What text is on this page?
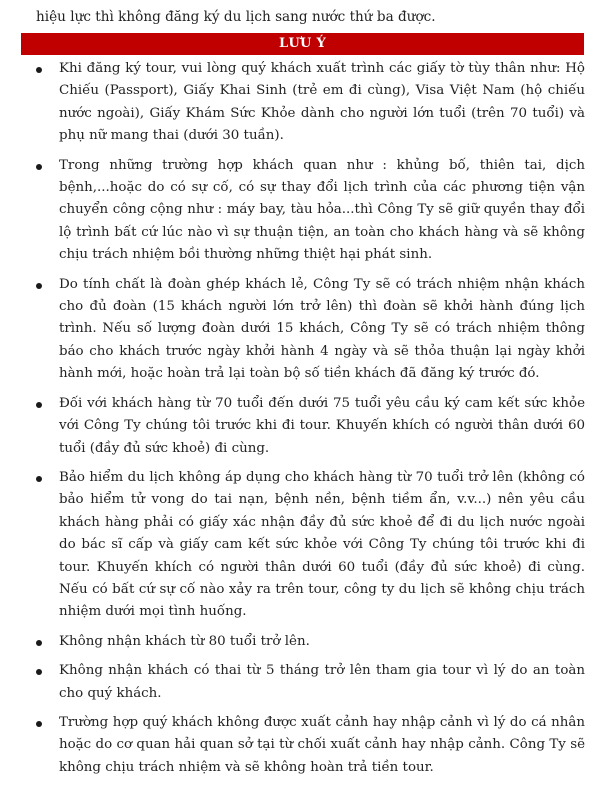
hiệu lực thì không đăng ký du lịch sang nước thứ ba được.
LƯU Ý
Khi đăng ký tour, vui lòng quý khách xuất trình các giấy tờ tùy thân như: Hộ Chiếu (Passport), Giấy Khai Sinh (trẻ em đi cùng), Visa Việt Nam (hộ chiếu nước ngoài), Giấy Khám Sức Khỏe dành cho người lớn tuổi (trên 70 tuổi) và phụ nữ mang thai (dưới 30 tuần).
Trong những trường hợp khách quan như : khủng bố, thiên tai, dịch bệnh,...hoặc do có sự cố, có sự thay đổi lịch trình của các phương tiện vận chuyển công cộng như : máy bay, tàu hỏa...thì Công Ty sẽ giữ quyền thay đổi lộ trình bất cứ lúc nào vì sự thuận tiện, an toàn cho khách hàng và sẽ không chịu trách nhiệm bồi thường những thiệt hại phát sinh.
Do tính chất là đoàn ghép khách lẻ, Công Ty sẽ có trách nhiệm nhận khách cho đủ đoàn (15 khách người lớn trở lên) thì đoàn sẽ khởi hành đúng lịch trình. Nếu số lượng đoàn dưới 15 khách, Công Ty sẽ có trách nhiệm thông báo cho khách trước ngày khởi hành 4 ngày và sẽ thỏa thuận lại ngày khởi hành mới, hoặc hoàn trả lại toàn bộ số tiền khách đã đăng ký trước đó.
Đối với khách hàng từ 70 tuổi đến dưới 75 tuổi yêu cầu ký cam kết sức khỏe với Công Ty chúng tôi trước khi đi tour. Khuyến khích có người thân dưới 60 tuổi (đầy đủ sức khoẻ) đi cùng.
Bảo hiểm du lịch không áp dụng cho khách hàng từ 70 tuổi trở lên (không có bảo hiểm tử vong do tai nạn, bệnh nền, bệnh tiềm ẩn, v.v...) nên yêu cầu khách hàng phải có giấy xác nhận đầy đủ sức khoẻ để đi du lịch nước ngoài do bác sĩ cấp và giấy cam kết sức khỏe với Công Ty chúng tôi trước khi đi tour. Khuyến khích có người thân dưới 60 tuổi (đầy đủ sức khoẻ) đi cùng. Nếu có bất cứ sự cố nào xảy ra trên tour, công ty du lịch sẽ không chịu trách nhiệm dưới mọi tình huống.
Không nhận khách từ 80 tuổi trở lên.
Không nhận khách có thai từ 5 tháng trở lên tham gia tour vì lý do an toàn cho quý khách.
Trường hợp quý khách không được xuất cảnh hay nhập cảnh vì lý do cá nhân hoặc do cơ quan hải quan sở tại từ chối xuất cảnh hay nhập cảnh. Công Ty sẽ không chịu trách nhiệm và sẽ không hoàn trả tiền tour.
